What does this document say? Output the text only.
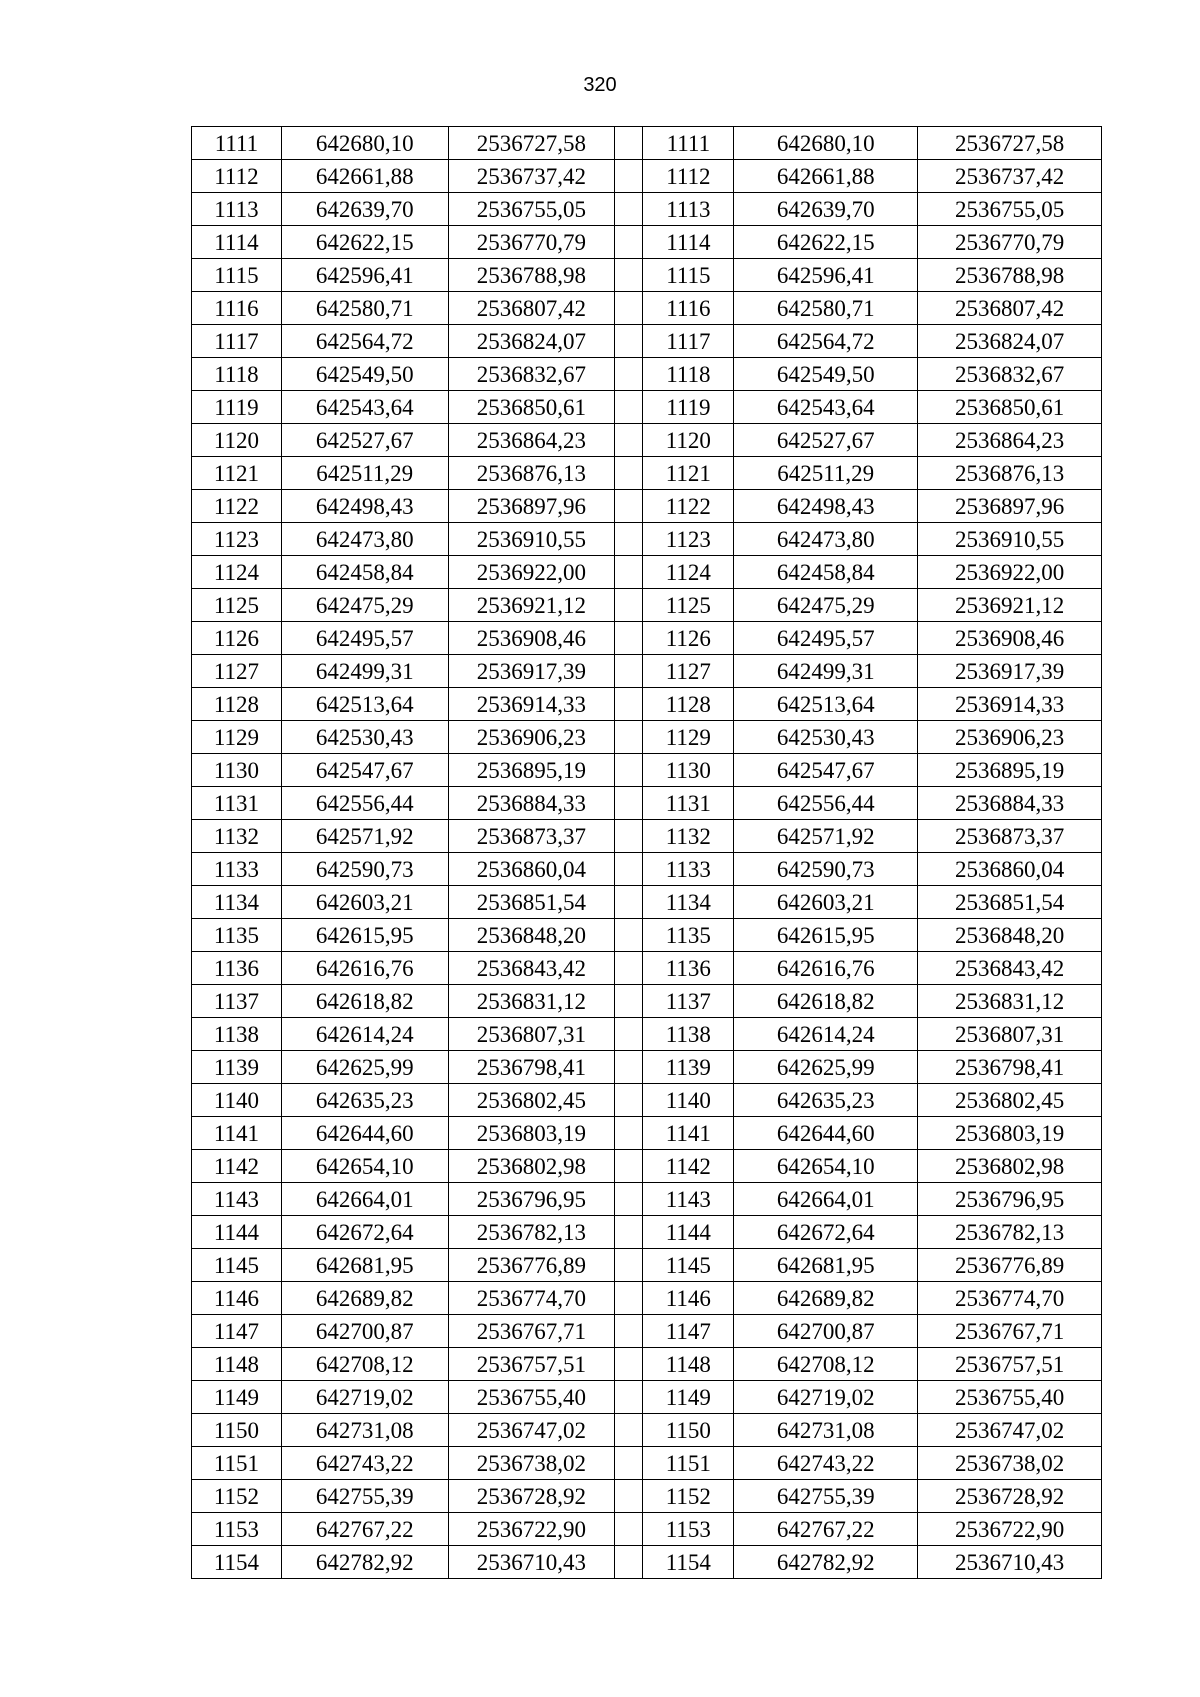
320
1111	642680,10	2536727,58		1111	642680,10	2536727,58
1112	642661,88	2536737,42		1112	642661,88	2536737,42
1113	642639,70	2536755,05		1113	642639,70	2536755,05
1114	642622,15	2536770,79		1114	642622,15	2536770,79
1115	642596,41	2536788,98		1115	642596,41	2536788,98
1116	642580,71	2536807,42		1116	642580,71	2536807,42
1117	642564,72	2536824,07		1117	642564,72	2536824,07
1118	642549,50	2536832,67		1118	642549,50	2536832,67
1119	642543,64	2536850,61		1119	642543,64	2536850,61
1120	642527,67	2536864,23		1120	642527,67	2536864,23
1121	642511,29	2536876,13		1121	642511,29	2536876,13
1122	642498,43	2536897,96		1122	642498,43	2536897,96
1123	642473,80	2536910,55		1123	642473,80	2536910,55
1124	642458,84	2536922,00		1124	642458,84	2536922,00
1125	642475,29	2536921,12		1125	642475,29	2536921,12
1126	642495,57	2536908,46		1126	642495,57	2536908,46
1127	642499,31	2536917,39		1127	642499,31	2536917,39
1128	642513,64	2536914,33		1128	642513,64	2536914,33
1129	642530,43	2536906,23		1129	642530,43	2536906,23
1130	642547,67	2536895,19		1130	642547,67	2536895,19
1131	642556,44	2536884,33		1131	642556,44	2536884,33
1132	642571,92	2536873,37		1132	642571,92	2536873,37
1133	642590,73	2536860,04		1133	642590,73	2536860,04
1134	642603,21	2536851,54		1134	642603,21	2536851,54
1135	642615,95	2536848,20		1135	642615,95	2536848,20
1136	642616,76	2536843,42		1136	642616,76	2536843,42
1137	642618,82	2536831,12		1137	642618,82	2536831,12
1138	642614,24	2536807,31		1138	642614,24	2536807,31
1139	642625,99	2536798,41		1139	642625,99	2536798,41
1140	642635,23	2536802,45		1140	642635,23	2536802,45
1141	642644,60	2536803,19		1141	642644,60	2536803,19
1142	642654,10	2536802,98		1142	642654,10	2536802,98
1143	642664,01	2536796,95		1143	642664,01	2536796,95
1144	642672,64	2536782,13		1144	642672,64	2536782,13
1145	642681,95	2536776,89		1145	642681,95	2536776,89
1146	642689,82	2536774,70		1146	642689,82	2536774,70
1147	642700,87	2536767,71		1147	642700,87	2536767,71
1148	642708,12	2536757,51		1148	642708,12	2536757,51
1149	642719,02	2536755,40		1149	642719,02	2536755,40
1150	642731,08	2536747,02		1150	642731,08	2536747,02
1151	642743,22	2536738,02		1151	642743,22	2536738,02
1152	642755,39	2536728,92		1152	642755,39	2536728,92
1153	642767,22	2536722,90		1153	642767,22	2536722,90
1154	642782,92	2536710,43		1154	642782,92	2536710,43
